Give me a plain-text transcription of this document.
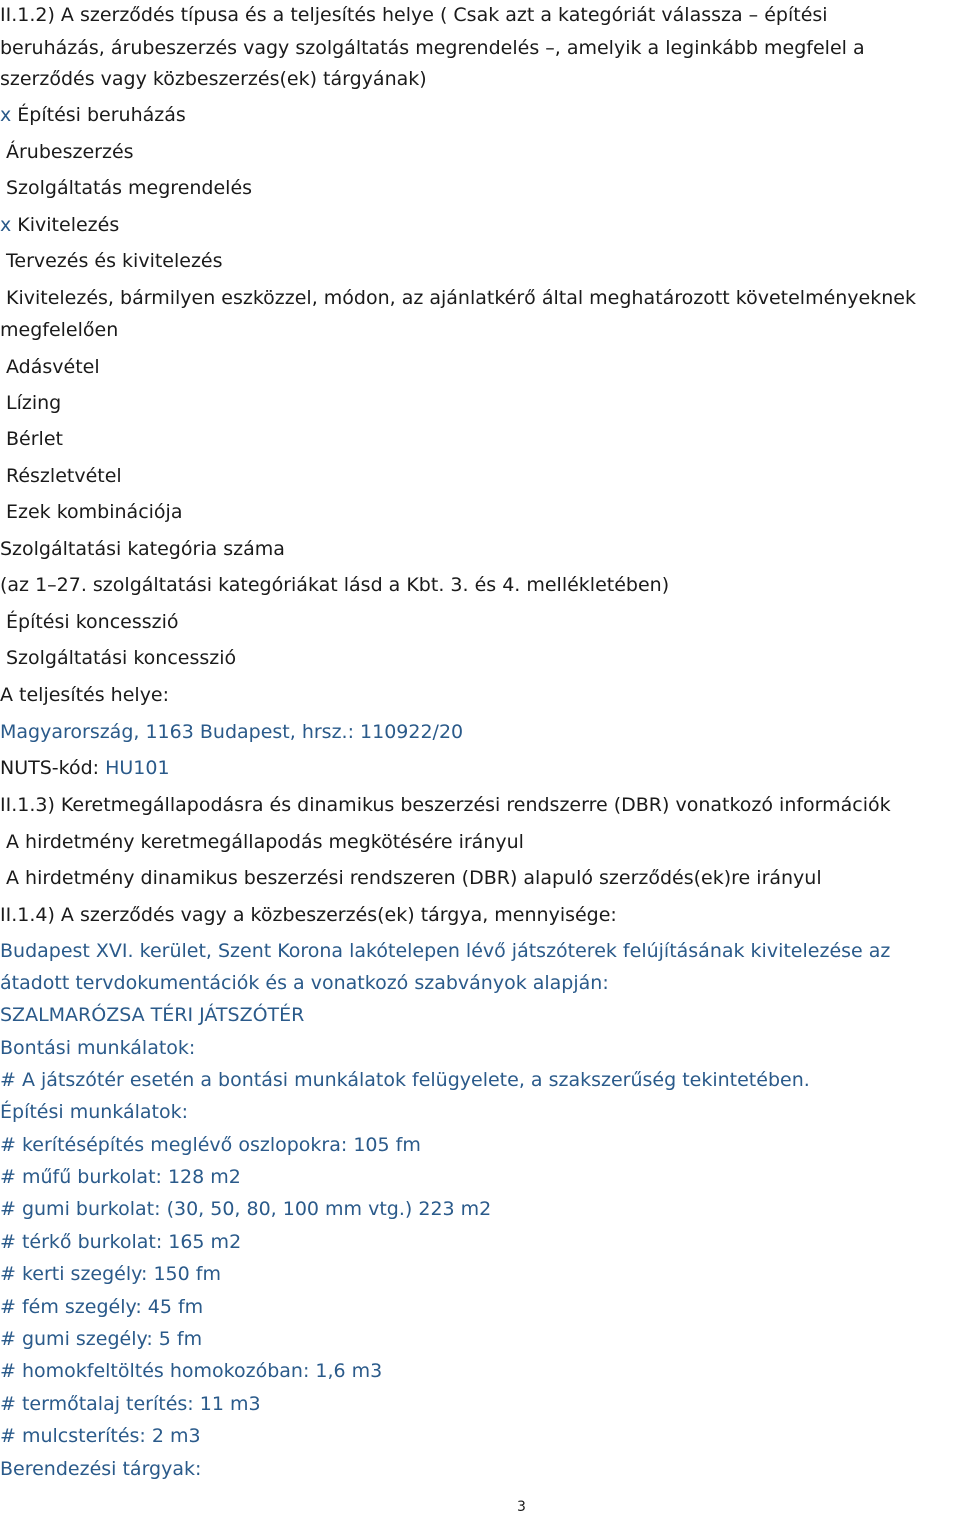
II.1.2) A szerződés típusa és a teljesítés helye ( Csak azt a kategóriát válassza – építési
beruházás, árubeszerzés vagy szolgáltatás megrendelés –, amelyik a leginkább megfelel a
szerződés vagy közbeszerzés(ek) tárgyának)
x Építési beruházás
Árubeszerzés
Szolgáltatás megrendelés
x Kivitelezés
Tervezés és kivitelezés
Kivitelezés, bármilyen eszközzel, módon, az ajánlatkérő által meghatározott követelményeknek
megfelelően
Adásvétel
Lízing
Bérlet
Részletvétel
Ezek kombinációja
Szolgáltatási kategória száma
(az 1–27. szolgáltatási kategóriákat lásd a Kbt. 3. és 4. mellékletében)
Építési koncesszió
Szolgáltatási koncesszió
A teljesítés helye:
Magyarország, 1163 Budapest, hrsz.: 110922/20
NUTS-kód: HU101
II.1.3) Keretmegállapodásra és dinamikus beszerzési rendszerre (DBR) vonatkozó információk
A hirdetmény keretmegállapodás megkötésére irányul
A hirdetmény dinamikus beszerzési rendszeren (DBR) alapuló szerződés(ek)re irányul
II.1.4) A szerződés vagy a közbeszerzés(ek) tárgya, mennyisége:
Budapest XVI. kerület, Szent Korona lakótelepen lévő játszóterek felújításának kivitelezése az
átadott tervdokumentációk és a vonatkozó szabványok alapján:
SZALMARÓZSA TÉRI JÁTSZÓTÉR
Bontási munkálatok:
# A játszótér esetén a bontási munkálatok felügyelete, a szakszerűség tekintetében.
Építési munkálatok:
# kerítésépítés meglévő oszlopokra: 105 fm
# műfű burkolat: 128 m2
# gumi burkolat: (30, 50, 80, 100 mm vtg.) 223 m2
# térkő burkolat: 165 m2
# kerti szegély: 150 fm
# fém szegély: 45 fm
# gumi szegély: 5 fm
# homokfeltöltés homokozóban: 1,6 m3
# termőtalaj terítés: 11 m3
# mulcsterítés: 2 m3
Berendezési tárgyak:
3
